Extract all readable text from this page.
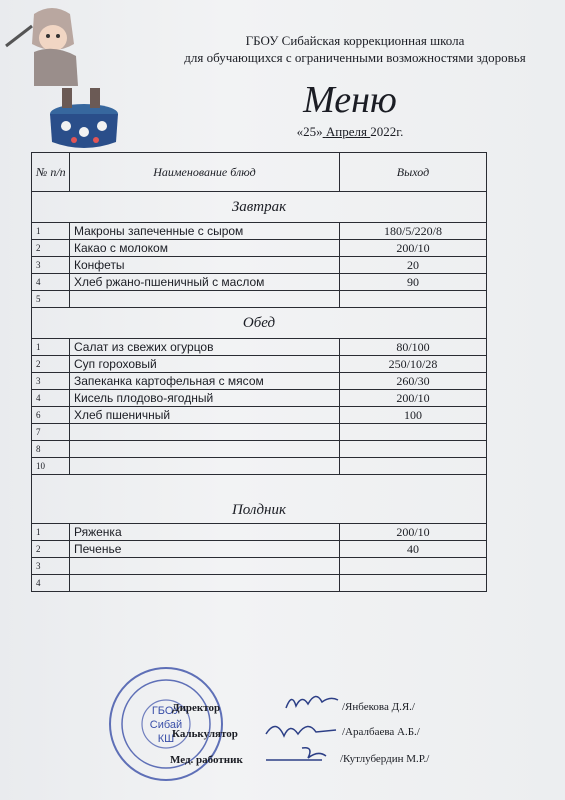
ГБОУ Сибайская коррекционная школа
для обучающихся с ограниченными возможностями здоровья
Меню
«25» Апреля 2022г.
№ п/п	Наименование блюд	Выход
Завтрак		
1	Макроны запеченные с сыром	180/5/220/8
2	Какао с молоком	200/10
3	Конфеты	20
4	Хлеб ржано-пшеничный с маслом	90
5		
Обед		
1	Салат из свежих огурцов	80/100
2	Суп гороховый	250/10/28
3	Запеканка картофельная с мясом	260/30
4	Кисель плодово-ягодный	200/10
6	Хлеб пшеничный	100
7		
8		
10		
Полдник		
1	Ряженка	200/10
2	Печенье	40
3		
4		
ГБОУ
Сибай
КШ
Директор
Калькулятор
Мед. работник
/Янбекова Д.Я./
/Аралбаева А.Б./
/Кутлубердин М.Р./
